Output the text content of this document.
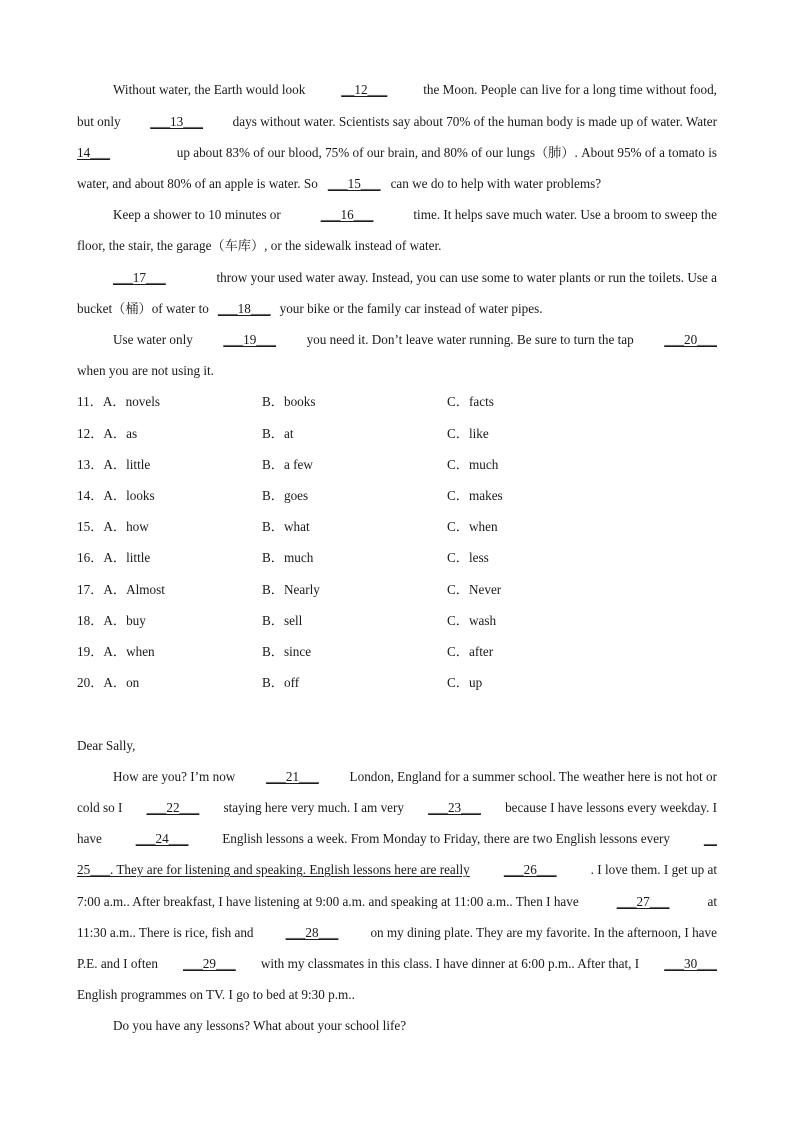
Without water, the Earth would look	__12___	the Moon. People can live for a long time without food,
but only ___13___ days without water. Scientists say about 70% of the human body is made up of water. Water
14___	up about 83% of our blood, 75% of our brain, and 80% of our lungs（肺）. About 95% of a tomato is
water, and about 80% of an apple is water. So ___15___ can we do to help with water problems?
Keep a shower to 10 minutes or	___16___	time. It helps save much water. Use a broom to sweep the
floor, the stair, the garage（车库）, or the sidewalk instead of water.
___17___	throw your used water away. Instead, you can use some to water plants or run the toilets. Use a
bucket（桶）of water to ___18___ your bike or the family car instead of water pipes.
Use water only ___19___ you need it. Don’t leave water running. Be sure to turn the tap ___20___
when you are not using it.
11．A．novels	B．books	C．facts
12．A．as	B．at	C．like
13．A．little	B．a few	C．much
14．A．looks	B．goes	C．makes
15．A．how	B．what	C．when
16．A．little	B．much	C．less
17．A．Almost	B．Nearly	C．Never
18．A．buy	B．sell	C．wash
19．A．when	B．since	C．after
20．A．on	B．off	C．up
Dear Sally,
How are you? I’m now ___21___ London, England for a summer school. The weather here is not hot or
cold so I ___22___ staying here very much. I am very ___23___ because I have lessons every weekday. I
have	___24___	English lessons a week. From Monday to Friday, there are two English lessons every	__
25___. They are for listening and speaking. English lessons here are really	___26___	. I love them. I get up at
7:00 a.m.. After breakfast, I have listening at 9:00 a.m. and speaking at 11:00 a.m.. Then I have	___27___	at
11:30 a.m.. There is rice, fish and ___28___ on my dining plate. They are my favorite. In the afternoon, I have
P.E. and I often ___29___ with my classmates in this class. I have dinner at 6:00 p.m.. After that, I ___30___
English programmes on TV. I go to bed at 9:30 p.m..
Do you have any lessons? What about your school life?
